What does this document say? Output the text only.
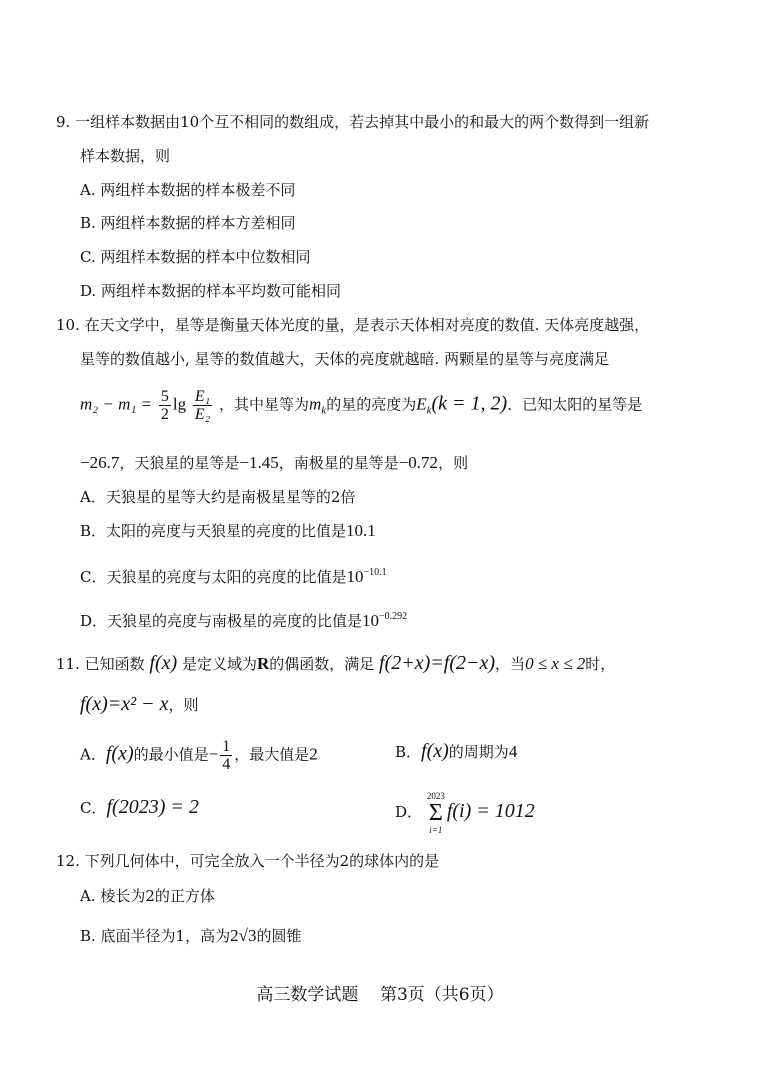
9. 一组样本数据由10个互不相同的数组成，若去掉其中最小的和最大的两个数得到一组新
样本数据，则
A. 两组样本数据的样本极差不同
B. 两组样本数据的样本方差相同
C. 两组样本数据的样本中位数相同
D. 两组样本数据的样本平均数可能相同
10. 在天文学中，星等是衡量天体光度的量，是表示天体相对亮度的数值. 天体亮度越强，
星等的数值越小, 星等的数值越大，天体的亮度就越暗. 两颗星的星等与亮度满足
$m_2 - m_1 = \frac{5}{2}$ $\lg \frac{\text{E₁}}{\text{E₂}}$ ，其中星等为$m_k$的星的亮度为$E_k(k = 1$, 2)．已知太阳的星等是
−26.7，天狼星的星等是−1.45，南极星的星等是−0.72，则
A．天狼星的星等大约是南极星星等的2倍
B．太阳的亮度与天狼星的亮度的比值是10.1
C．天狼星的亮度与太阳的亮度的比值是$10^{-10.1}$
D．天狼星的亮度与南极星的亮度的比值是$10^{-0.292}$
11. 已知函数 f(x) 是定义域为R的偶函数，满足 f(2+x)=f(2−x)，当0 ≤ x ≤ 2时，
f(x)=x² − x，则
A．f(x)的最小值是− $\frac{1}{4}$ ，最大值是2	B．f(x)的周期为4
C．f(2023) = 2	D．
2023
Σ
i=1
f(i) = 1012
12. 下列几何体中，可完全放入一个半径为2的球体内的是
A. 棱长为2的正方体
B. 底面半径为1，高为2√3的圆锥
高三数学试题    第3页（共6页）
